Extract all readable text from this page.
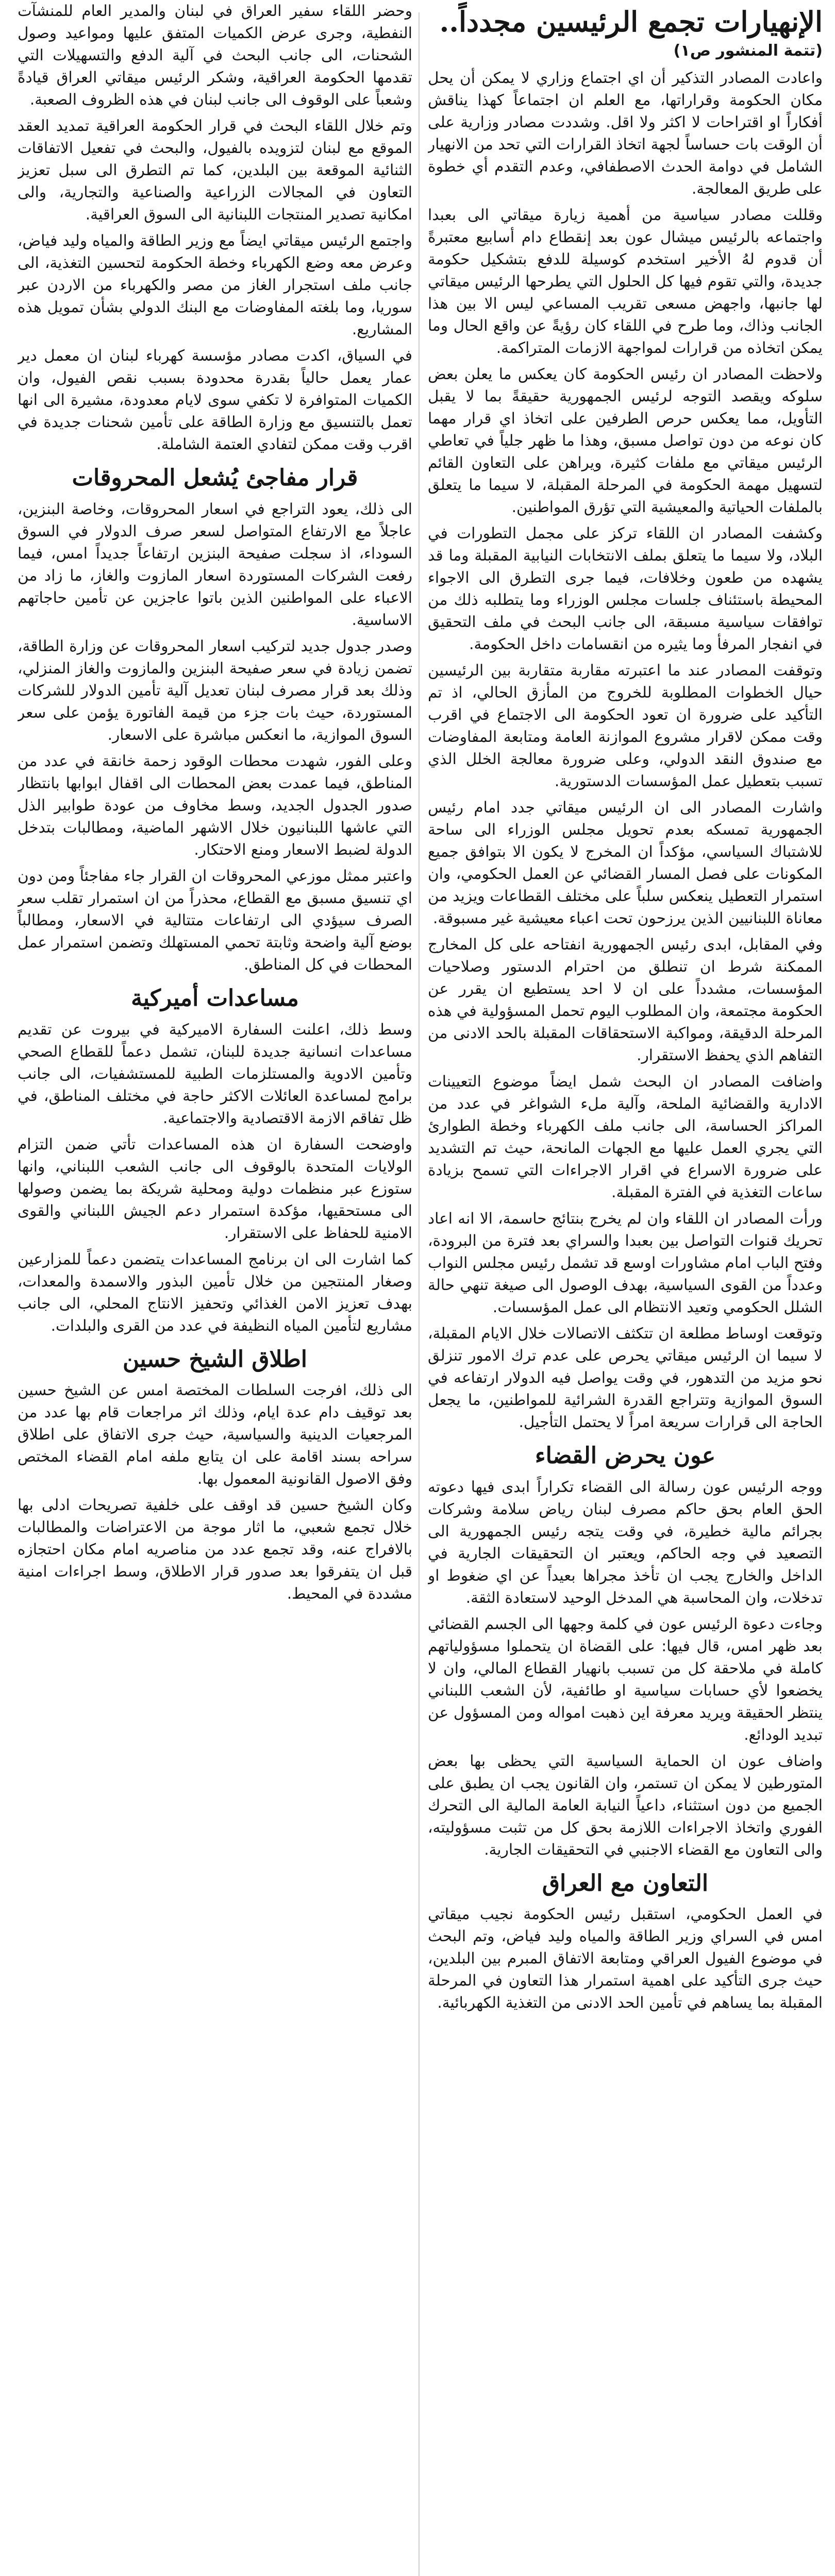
الإنهيارات تجمع الرئيسين مجدداً..
(تتمة المنشور ص١)

واعادت المصادر التذكير أن اي اجتماع وزاري لا يمكن أن يحل مكان الحكومة وقراراتها، مع العلم ان اجتماعاً كهذا يناقش أفكاراً او اقتراحات لا اكثر ولا اقل. وشددت مصادر وزارية على أن الوقت بات حساساً لجهة اتخاذ القرارات التي تحد من الانهيار الشامل في دوامة الحدث الاصطفافي، وعدم التقدم أي خطوة على طريق المعالجة.

وقللت مصادر سياسية من أهمية زيارة ميقاتي الى بعبدا واجتماعه بالرئيس ميشال عون بعد إنقطاع دام أسابيع معتبرةً أن قدوم لهُ الأخير استخدم كوسيلة للدفع بتشكيل حكومة جديدة، والتي تقوم فيها كل الحلول التي يطرحها الرئيس ميقاتي لها جانبها، واجهض مسعى تقريب المساعي ليس الا بين هذا الجانب وذاك، وما طرح في اللقاء كان رؤيةً عن واقع الحال وما يمكن اتخاذه من قرارات لمواجهة الازمات المتراكمة.

ولاحظت المصادر ان رئيس الحكومة كان يعكس ما يعلن بعض سلوكه ويقصد التوجه لرئيس الجمهورية حقيقةً بما لا يقبل التأويل، مما يعكس حرص الطرفين على اتخاذ اي قرار مهما كان نوعه من دون تواصل مسبق، وهذا ما ظهر جلياً في تعاطي الرئيس ميقاتي مع ملفات كثيرة، ويراهن على التعاون القائم لتسهيل مهمة الحكومة في المرحلة المقبلة، لا سيما ما يتعلق بالملفات الحياتية والمعيشية التي تؤرق المواطنين.

وكشفت المصادر ان اللقاء تركز على مجمل التطورات في البلاد، ولا سيما ما يتعلق بملف الانتخابات النيابية المقبلة وما قد يشهده من طعون وخلافات، فيما جرى التطرق الى الاجواء المحيطة باستئناف جلسات مجلس الوزراء وما يتطلبه ذلك من توافقات سياسية مسبقة، الى جانب البحث في ملف التحقيق في انفجار المرفأ وما يثيره من انقسامات داخل الحكومة.

وتوقفت المصادر عند ما اعتبرته مقاربة متقاربة بين الرئيسين حيال الخطوات المطلوبة للخروج من المأزق الحالي، اذ تم التأكيد على ضرورة ان تعود الحكومة الى الاجتماع في اقرب وقت ممكن لاقرار مشروع الموازنة العامة ومتابعة المفاوضات مع صندوق النقد الدولي، وعلى ضرورة معالجة الخلل الذي تسبب بتعطيل عمل المؤسسات الدستورية.

واشارت المصادر الى ان الرئيس ميقاتي جدد امام رئيس الجمهورية تمسكه بعدم تحويل مجلس الوزراء الى ساحة للاشتباك السياسي، مؤكداً ان المخرج لا يكون الا بتوافق جميع المكونات على فصل المسار القضائي عن العمل الحكومي، وان استمرار التعطيل ينعكس سلباً على مختلف القطاعات ويزيد من معاناة اللبنانيين الذين يرزحون تحت اعباء معيشية غير مسبوقة.

وفي المقابل، ابدى رئيس الجمهورية انفتاحه على كل المخارج الممكنة شرط ان تنطلق من احترام الدستور وصلاحيات المؤسسات، مشدداً على ان لا احد يستطيع ان يقرر عن الحكومة مجتمعة، وان المطلوب اليوم تحمل المسؤولية في هذه المرحلة الدقيقة، ومواكبة الاستحقاقات المقبلة بالحد الادنى من التفاهم الذي يحفظ الاستقرار.

واضافت المصادر ان البحث شمل ايضاً موضوع التعيينات الادارية والقضائية الملحة، وآلية ملء الشواغر في عدد من المراكز الحساسة، الى جانب ملف الكهرباء وخطة الطوارئ التي يجري العمل عليها مع الجهات المانحة، حيث تم التشديد على ضرورة الاسراع في اقرار الاجراءات التي تسمح بزيادة ساعات التغذية في الفترة المقبلة.

ورأت المصادر ان اللقاء وان لم يخرج بنتائج حاسمة، الا انه اعاد تحريك قنوات التواصل بين بعبدا والسراي بعد فترة من البرودة، وفتح الباب امام مشاورات اوسع قد تشمل رئيس مجلس النواب وعدداً من القوى السياسية، بهدف الوصول الى صيغة تنهي حالة الشلل الحكومي وتعيد الانتظام الى عمل المؤسسات.

وتوقعت اوساط مطلعة ان تتكثف الاتصالات خلال الايام المقبلة، لا سيما ان الرئيس ميقاتي يحرص على عدم ترك الامور تنزلق نحو مزيد من التدهور، في وقت يواصل فيه الدولار ارتفاعه في السوق الموازية وتتراجع القدرة الشرائية للمواطنين، ما يجعل الحاجة الى قرارات سريعة امراً لا يحتمل التأجيل.

عون يحرض القضاء

ووجه الرئيس عون رسالة الى القضاء تكراراً ابدى فيها دعوته الحق العام بحق حاكم مصرف لبنان رياض سلامة وشركات بجرائم مالية خطيرة، في وقت يتجه رئيس الجمهورية الى التصعيد في وجه الحاكم، ويعتبر ان التحقيقات الجارية في الداخل والخارج يجب ان تأخذ مجراها بعيداً عن اي ضغوط او تدخلات، وان المحاسبة هي المدخل الوحيد لاستعادة الثقة.

وجاءت دعوة الرئيس عون في كلمة وجهها الى الجسم القضائي بعد ظهر امس، قال فيها: على القضاة ان يتحملوا مسؤولياتهم كاملة في ملاحقة كل من تسبب بانهيار القطاع المالي، وان لا يخضعوا لأي حسابات سياسية او طائفية، لأن الشعب اللبناني ينتظر الحقيقة ويريد معرفة اين ذهبت امواله ومن المسؤول عن تبديد الودائع.

واضاف عون ان الحماية السياسية التي يحظى بها بعض المتورطين لا يمكن ان تستمر، وان القانون يجب ان يطبق على الجميع من دون استثناء، داعياً النيابة العامة المالية الى التحرك الفوري واتخاذ الاجراءات اللازمة بحق كل من تثبت مسؤوليته، والى التعاون مع القضاء الاجنبي في التحقيقات الجارية.

التعاون مع العراق

في العمل الحكومي، استقبل رئيس الحكومة نجيب ميقاتي امس في السراي وزير الطاقة والمياه وليد فياض، وتم البحث في موضوع الفيول العراقي ومتابعة الاتفاق المبرم بين البلدين، حيث جرى التأكيد على اهمية استمرار هذا التعاون في المرحلة المقبلة بما يساهم في تأمين الحد الادنى من التغذية الكهربائية.

وحضر اللقاء سفير العراق في لبنان والمدير العام للمنشآت النفطية، وجرى عرض الكميات المتفق عليها ومواعيد وصول الشحنات، الى جانب البحث في آلية الدفع والتسهيلات التي تقدمها الحكومة العراقية، وشكر الرئيس ميقاتي العراق قيادةً وشعباً على الوقوف الى جانب لبنان في هذه الظروف الصعبة.

وتم خلال اللقاء البحث في قرار الحكومة العراقية تمديد العقد الموقع مع لبنان لتزويده بالفيول، والبحث في تفعيل الاتفاقات الثنائية الموقعة بين البلدين، كما تم التطرق الى سبل تعزيز التعاون في المجالات الزراعية والصناعية والتجارية، والى امكانية تصدير المنتجات اللبنانية الى السوق العراقية.

واجتمع الرئيس ميقاتي ايضاً مع وزير الطاقة والمياه وليد فياض، وعرض معه وضع الكهرباء وخطة الحكومة لتحسين التغذية، الى جانب ملف استجرار الغاز من مصر والكهرباء من الاردن عبر سوريا، وما بلغته المفاوضات مع البنك الدولي بشأن تمويل هذه المشاريع.

في السياق، اكدت مصادر مؤسسة كهرباء لبنان ان معمل دير عمار يعمل حالياً بقدرة محدودة بسبب نقص الفيول، وان الكميات المتوافرة لا تكفي سوى لايام معدودة، مشيرة الى انها تعمل بالتنسيق مع وزارة الطاقة على تأمين شحنات جديدة في اقرب وقت ممكن لتفادي العتمة الشاملة.

قرار مفاجئ يُشعل المحروقات

الى ذلك، يعود التراجع في اسعار المحروقات، وخاصة البنزين، عاجلاً مع الارتفاع المتواصل لسعر صرف الدولار في السوق السوداء، اذ سجلت صفيحة البنزين ارتفاعاً جديداً امس، فيما رفعت الشركات المستوردة اسعار المازوت والغاز، ما زاد من الاعباء على المواطنين الذين باتوا عاجزين عن تأمين حاجاتهم الاساسية.

وصدر جدول جديد لتركيب اسعار المحروقات عن وزارة الطاقة، تضمن زيادة في سعر صفيحة البنزين والمازوت والغاز المنزلي، وذلك بعد قرار مصرف لبنان تعديل آلية تأمين الدولار للشركات المستوردة، حيث بات جزء من قيمة الفاتورة يؤمن على سعر السوق الموازية، ما انعكس مباشرة على الاسعار.

وعلى الفور، شهدت محطات الوقود زحمة خانقة في عدد من المناطق، فيما عمدت بعض المحطات الى اقفال ابوابها بانتظار صدور الجدول الجديد، وسط مخاوف من عودة طوابير الذل التي عاشها اللبنانيون خلال الاشهر الماضية، ومطالبات بتدخل الدولة لضبط الاسعار ومنع الاحتكار.

واعتبر ممثل موزعي المحروقات ان القرار جاء مفاجئاً ومن دون اي تنسيق مسبق مع القطاع، محذراً من ان استمرار تقلب سعر الصرف سيؤدي الى ارتفاعات متتالية في الاسعار، ومطالباً بوضع آلية واضحة وثابتة تحمي المستهلك وتضمن استمرار عمل المحطات في كل المناطق.

مساعدات أميركية

وسط ذلك، اعلنت السفارة الاميركية في بيروت عن تقديم مساعدات انسانية جديدة للبنان، تشمل دعماً للقطاع الصحي وتأمين الادوية والمستلزمات الطبية للمستشفيات، الى جانب برامج لمساعدة العائلات الاكثر حاجة في مختلف المناطق، في ظل تفاقم الازمة الاقتصادية والاجتماعية.

واوضحت السفارة ان هذه المساعدات تأتي ضمن التزام الولايات المتحدة بالوقوف الى جانب الشعب اللبناني، وانها ستوزع عبر منظمات دولية ومحلية شريكة بما يضمن وصولها الى مستحقيها، مؤكدة استمرار دعم الجيش اللبناني والقوى الامنية للحفاظ على الاستقرار.

كما اشارت الى ان برنامج المساعدات يتضمن دعماً للمزارعين وصغار المنتجين من خلال تأمين البذور والاسمدة والمعدات، بهدف تعزيز الامن الغذائي وتحفيز الانتاج المحلي، الى جانب مشاريع لتأمين المياه النظيفة في عدد من القرى والبلدات.

اطلاق الشيخ حسين

الى ذلك، افرجت السلطات المختصة امس عن الشيخ حسين بعد توقيف دام عدة ايام، وذلك اثر مراجعات قام بها عدد من المرجعيات الدينية والسياسية، حيث جرى الاتفاق على اطلاق سراحه بسند اقامة على ان يتابع ملفه امام القضاء المختص وفق الاصول القانونية المعمول بها.

وكان الشيخ حسين قد اوقف على خلفية تصريحات ادلى بها خلال تجمع شعبي، ما اثار موجة من الاعتراضات والمطالبات بالافراج عنه، وقد تجمع عدد من مناصريه امام مكان احتجازه قبل ان يتفرقوا بعد صدور قرار الاطلاق، وسط اجراءات امنية مشددة في المحيط.
